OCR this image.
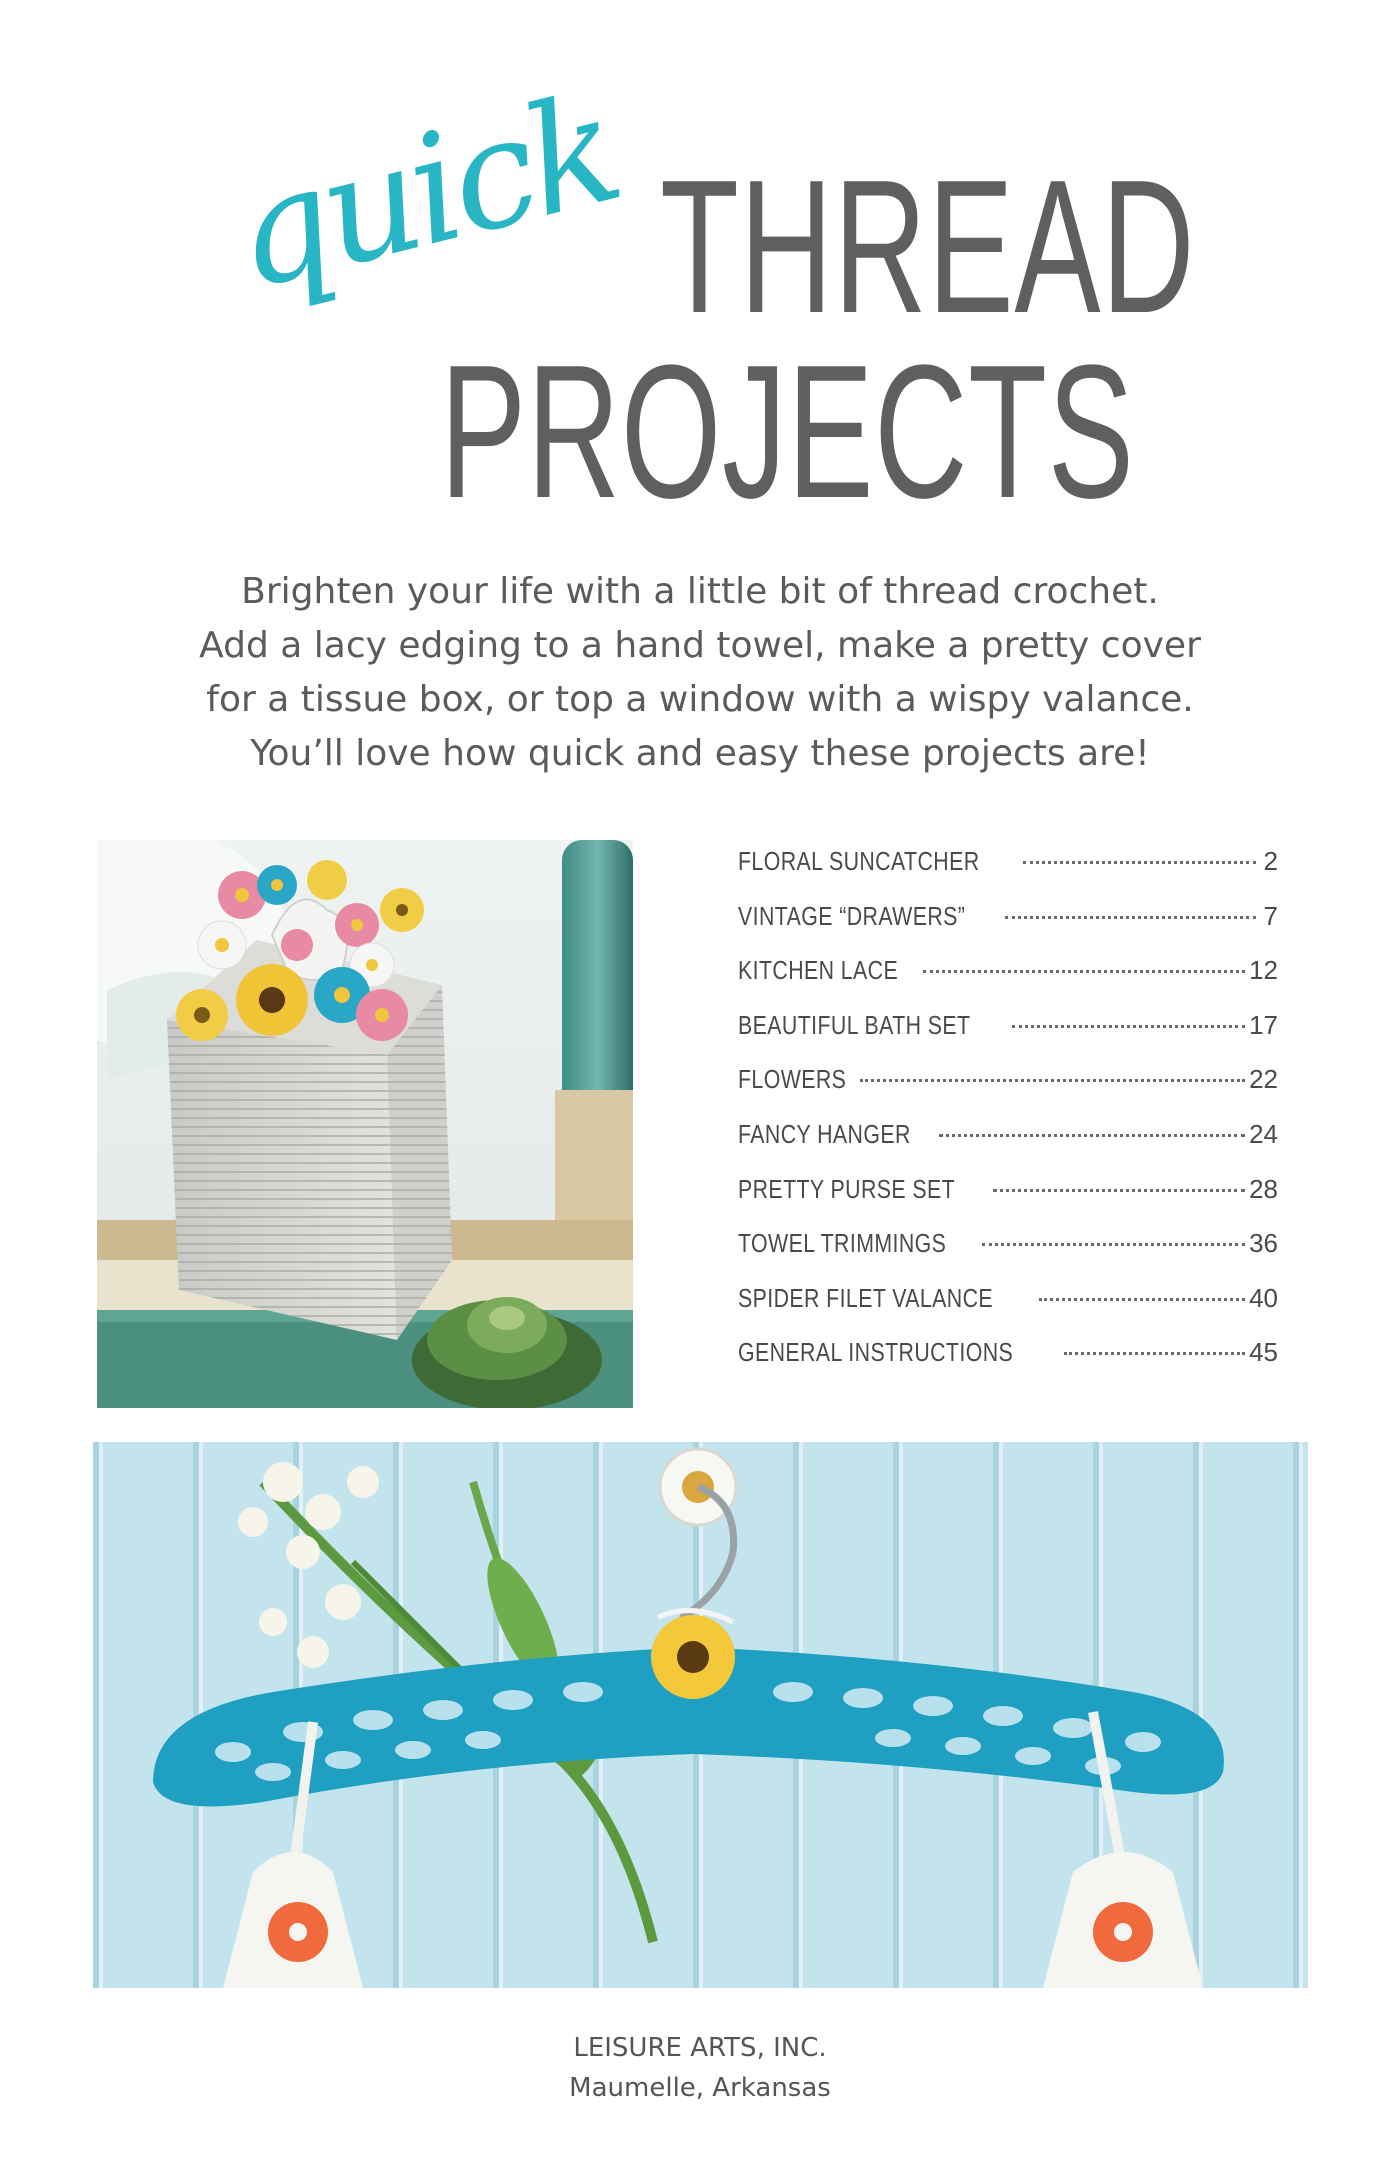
quick THREAD
PROJECTS
Brighten your life with a little bit of thread crochet.
Add a lacy edging to a hand towel, make a pretty cover
for a tissue box, or top a window with a wispy valance.
You’ll love how quick and easy these projects are!
FLORAL SUNCATCHER	2
VINTAGE “DRAWERS”	7
KITCHEN LACE	12
BEAUTIFUL BATH SET	17
FLOWERS	22
FANCY HANGER	24
PRETTY PURSE SET	28
TOWEL TRIMMINGS	36
SPIDER FILET VALANCE	40
GENERAL INSTRUCTIONS	45
LEISURE ARTS, INC.
Maumelle, Arkansas
